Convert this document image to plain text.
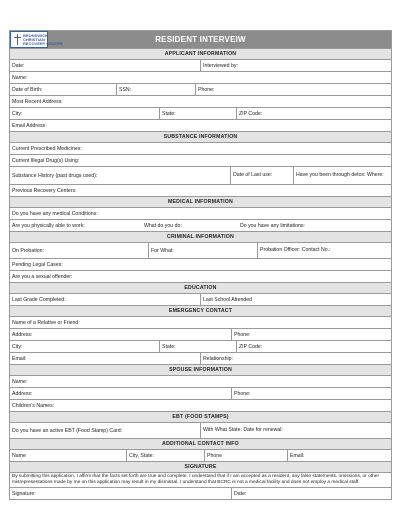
BRUNSWICK
CHRISTIAN
RECOVERY CENTER	RESIDENT INTERVEIW
APPLICANT INFORMATION
Date:	Interviewed by:
Name:
Date of Birth:	SSN:	Phone:
Most Recent Address:
City:	State:	ZIP Code:
Email Address:
SUBSTANCE INFORMATION
Current Prescribed Medicines:
Current Illegal Drug(s) Using:
Substance History (past drugs used):	Date of Last use:	Have you been through detox: Where:
Previous Recovery Centers:
MEDICAL INFORMATION
Do you have any medical Conditions:
Are you physically able to work:	What do you do:	Do you have any limitations:
CRIMINAL INFORMATION
On Probation:	For What:	Probation Officer: Contact No.:
Pending Legal Cases:
Are you a sexual offender:
EDUCATION
Last Grade Completed:	Last School Attended
EMERGENCY CONTACT
Name of a Relative or Friend:
Address:	Phone:
City:	State:	ZIP Code:
Email:	Relationship:
SPOUSE INFORMATION
Name:
Address:	Phone:
Children's Names:
EBT (FOOD STAMPS)
Do you have an active EBT (Food Stamp) Card:	With What State: Date for renewal:
ADDITIONAL CONTACT INFO
Name	City, State:	Phone	Email:
SIGNATURE
By submitting this application, I affirm that the facts set forth are true and complete. I understand that if I am accepted as a resident, any false statements, omissions, or other misrepresentations made by me on this application may result in my dismissal. I understand that BCRC is not a medical facility and does not employ a medical staff.
Signature:	Date:
